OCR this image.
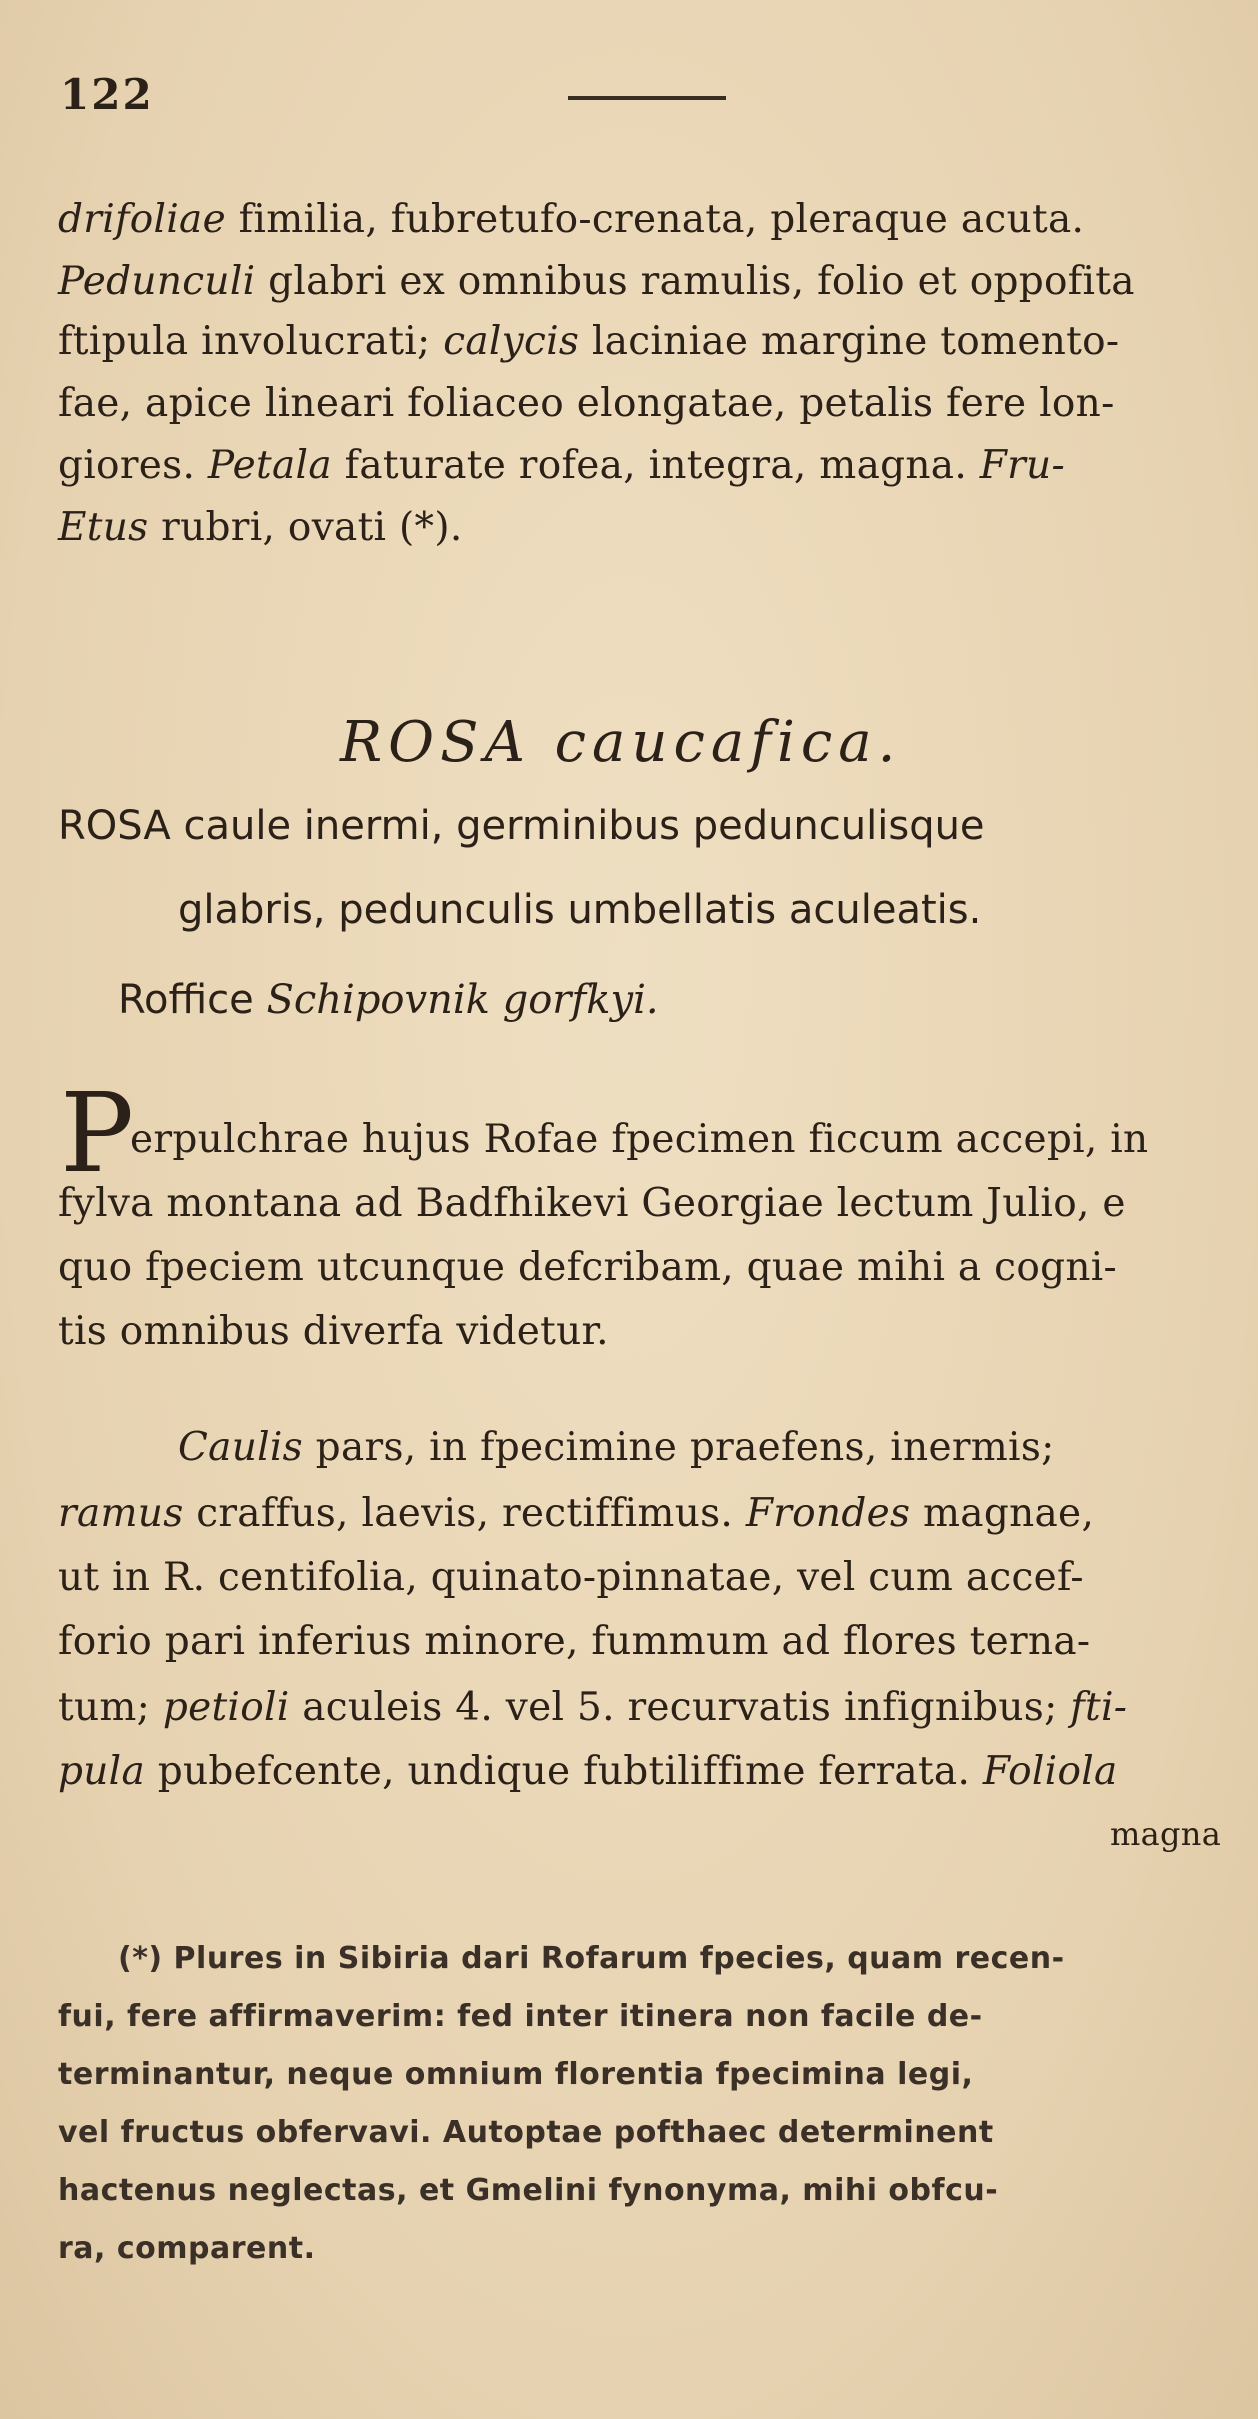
122
drifoliae fimilia, fubretufo-crenata, pleraque acuta.
Pedunculi glabri ex omnibus ramulis, folio et oppofita
ftipula involucrati; calycis laciniae margine tomento-
fae, apice lineari foliaceo elongatae, petalis fere lon-
giores. Petala faturate rofea, integra, magna. Fru-
Etus rubri, ovati (*).
ROSA caucafica.
ROSA caule inermi, germinibus pedunculisque
glabris, pedunculis umbellatis aculeatis.
Roffice Schipovnik gorfkyi.
P
erpulchrae hujus Rofae fpecimen ficcum accepi, in
fylva montana ad Badfhikevi Georgiae lectum Julio, e
quo fpeciem utcunque defcribam, quae mihi a cogni-
tis omnibus diverfa videtur.
Caulis pars, in fpecimine praefens, inermis;
ramus craffus, laevis, rectiffimus. Frondes magnae,
ut in R. centifolia, quinato-pinnatae, vel cum accef-
forio pari inferius minore, fummum ad flores terna-
tum; petioli aculeis 4. vel 5. recurvatis infignibus; fti-
pula pubefcente, undique fubtiliffime ferrata. Foliola
magna
(*) Plures in Sibiria dari Rofarum fpecies, quam recen-
fui, fere affirmaverim: fed inter itinera non facile de-
terminantur, neque omnium florentia fpecimina legi,
vel fructus obfervavi. Autoptae pofthaec determinent
hactenus neglectas, et Gmelini fynonyma, mihi obfcu-
ra, comparent.
